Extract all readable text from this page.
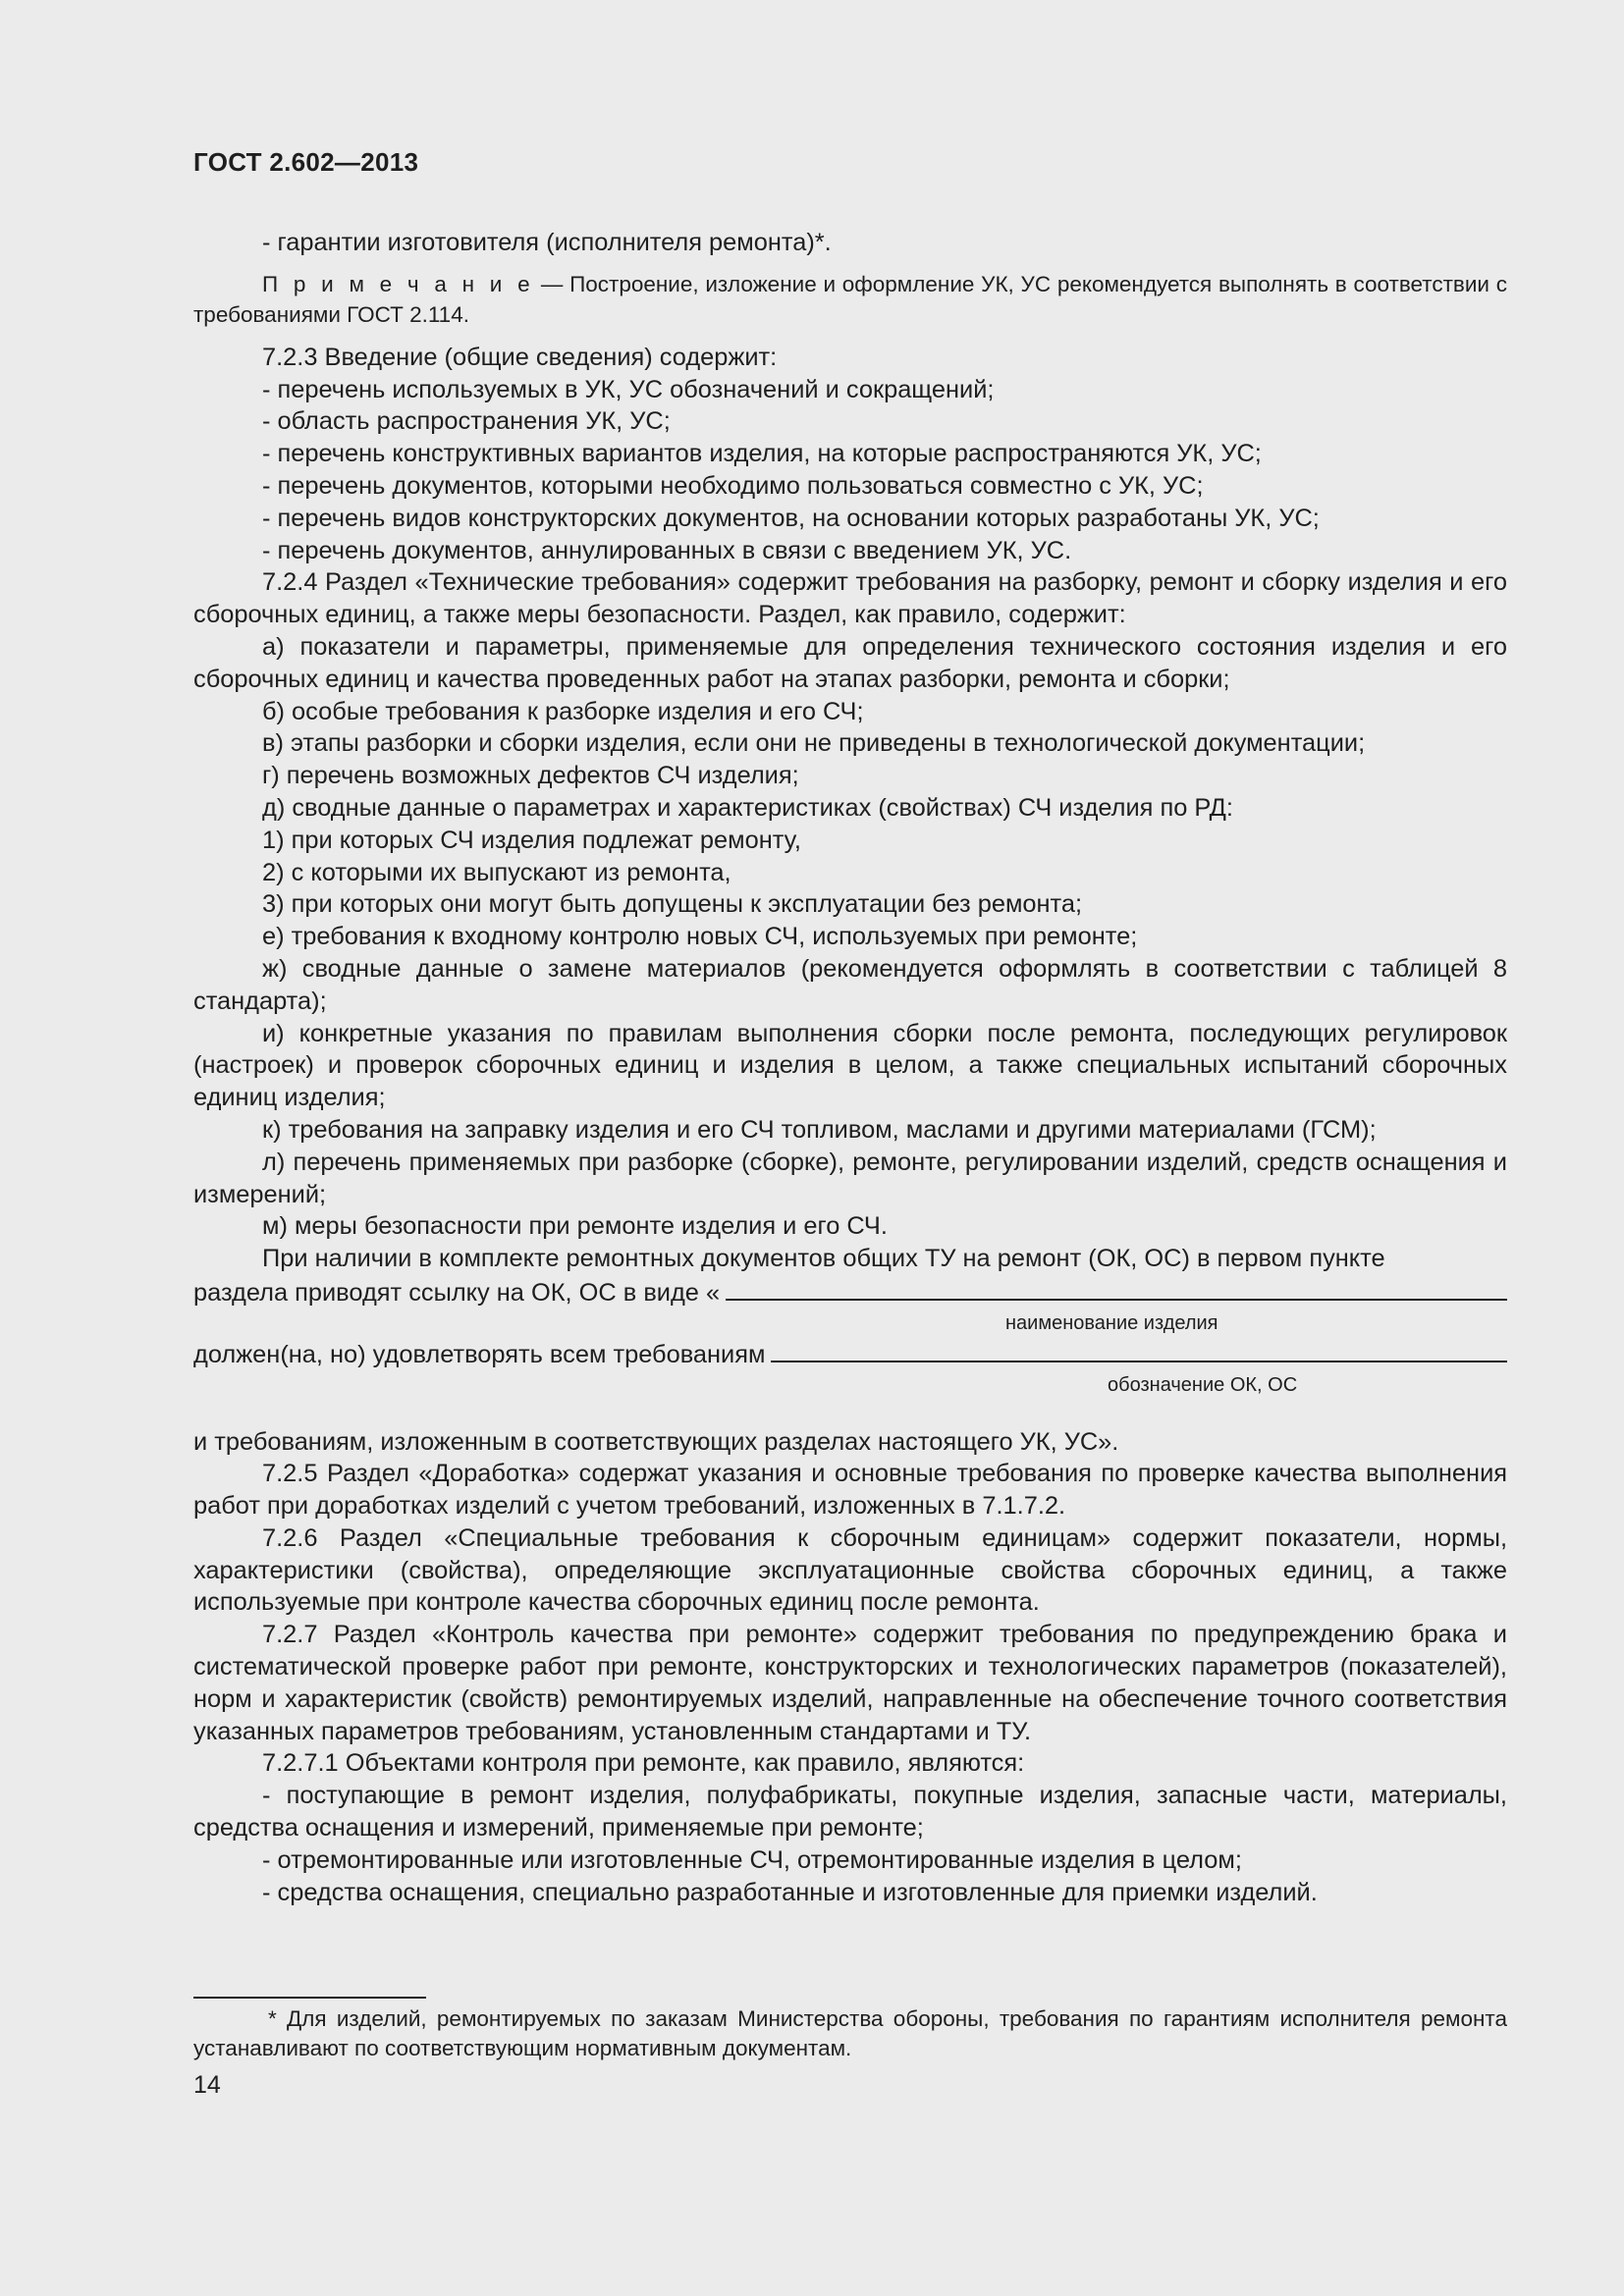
ГОСТ 2.602—2013
- гарантии изготовителя (исполнителя ремонта)*.
П р и м е ч а н и е — Построение, изложение и оформление УК, УС рекомендуется выполнять в соответствии с требованиями ГОСТ 2.114.
7.2.3 Введение (общие сведения) содержит:
- перечень используемых в УК, УС обозначений и сокращений;
- область распространения УК, УС;
- перечень конструктивных вариантов изделия, на которые распространяются УК, УС;
- перечень документов, которыми необходимо пользоваться совместно с УК, УС;
- перечень видов конструкторских документов, на основании которых разработаны УК, УС;
- перечень документов, аннулированных в связи с введением УК, УС.
7.2.4 Раздел «Технические требования» содержит требования на разборку, ремонт и сборку изделия и его сборочных единиц, а также меры безопасности. Раздел, как правило, содержит:
а) показатели и параметры, применяемые для определения технического состояния изделия и его сборочных единиц и качества проведенных работ на этапах разборки, ремонта и сборки;
б) особые требования к разборке изделия и его СЧ;
в) этапы разборки и сборки изделия, если они не приведены в технологической документации;
г) перечень возможных дефектов СЧ изделия;
д) сводные данные о параметрах и характеристиках (свойствах) СЧ изделия по РД:
1) при которых СЧ изделия подлежат ремонту,
2) с которыми их выпускают из ремонта,
3) при которых они могут быть допущены к эксплуатации без ремонта;
е) требования к входному контролю новых СЧ, используемых при ремонте;
ж) сводные данные о замене материалов (рекомендуется оформлять в соответствии с таблицей 8 стандарта);
и) конкретные указания по правилам выполнения сборки после ремонта, последующих регулировок (настроек) и проверок сборочных единиц и изделия в целом, а также специальных испытаний сборочных единиц изделия;
к) требования на заправку изделия и его СЧ топливом, маслами и другими материалами (ГСМ);
л) перечень применяемых при разборке (сборке), ремонте, регулировании изделий, средств оснащения и измерений;
м) меры безопасности при ремонте изделия и его СЧ.
При наличии в комплекте ремонтных документов общих ТУ на ремонт (ОК, ОС) в первом пункте
раздела приводят ссылку на ОК, ОС в виде «
наименование изделия
должен(на, но) удовлетворять всем требованиям
обозначение ОК, ОС
и требованиям, изложенным в соответствующих разделах настоящего УК, УС».
7.2.5 Раздел «Доработка» содержат указания и основные требования по проверке качества выполнения работ при доработках изделий с учетом требований, изложенных в 7.1.7.2.
7.2.6 Раздел «Специальные требования к сборочным единицам» содержит показатели, нормы, характеристики (свойства), определяющие эксплуатационные свойства сборочных единиц, а также используемые при контроле качества сборочных единиц после ремонта.
7.2.7 Раздел «Контроль качества при ремонте» содержит требования по предупреждению брака и систематической проверке работ при ремонте, конструкторских и технологических параметров (показателей), норм и характеристик (свойств) ремонтируемых изделий, направленные на обеспечение точного соответствия указанных параметров требованиям, установленным стандартами и ТУ.
7.2.7.1 Объектами контроля при ремонте, как правило, являются:
- поступающие в ремонт изделия, полуфабрикаты, покупные изделия, запасные части, материалы, средства оснащения и измерений, применяемые при ремонте;
- отремонтированные или изготовленные СЧ, отремонтированные изделия в целом;
- средства оснащения, специально разработанные и изготовленные для приемки изделий.
* Для изделий, ремонтируемых по заказам Министерства обороны, требования по гарантиям исполнителя ремонта устанавливают по соответствующим нормативным документам.
14
